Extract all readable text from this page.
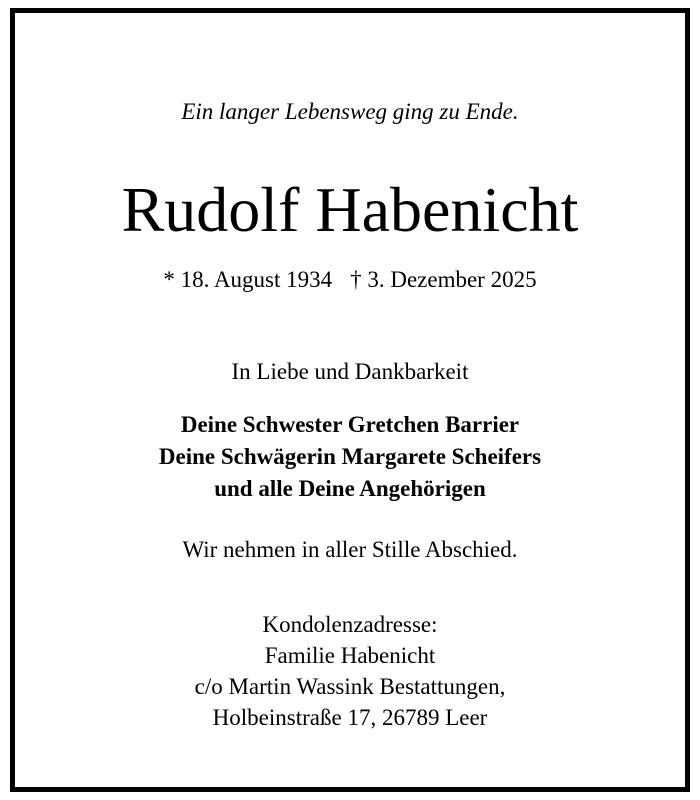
Ein langer Lebensweg ging zu Ende.
Rudolf Habenicht
* 18. August 1934 † 3. Dezember 2025
In Liebe und Dankbarkeit
Deine Schwester Gretchen Barrier
Deine Schwägerin Margarete Scheifers
und alle Deine Angehörigen
Wir nehmen in aller Stille Abschied.
Kondolenzadresse:
Familie Habenicht
c/o Martin Wassink Bestattungen,
Holbeinstraße 17, 26789 Leer
